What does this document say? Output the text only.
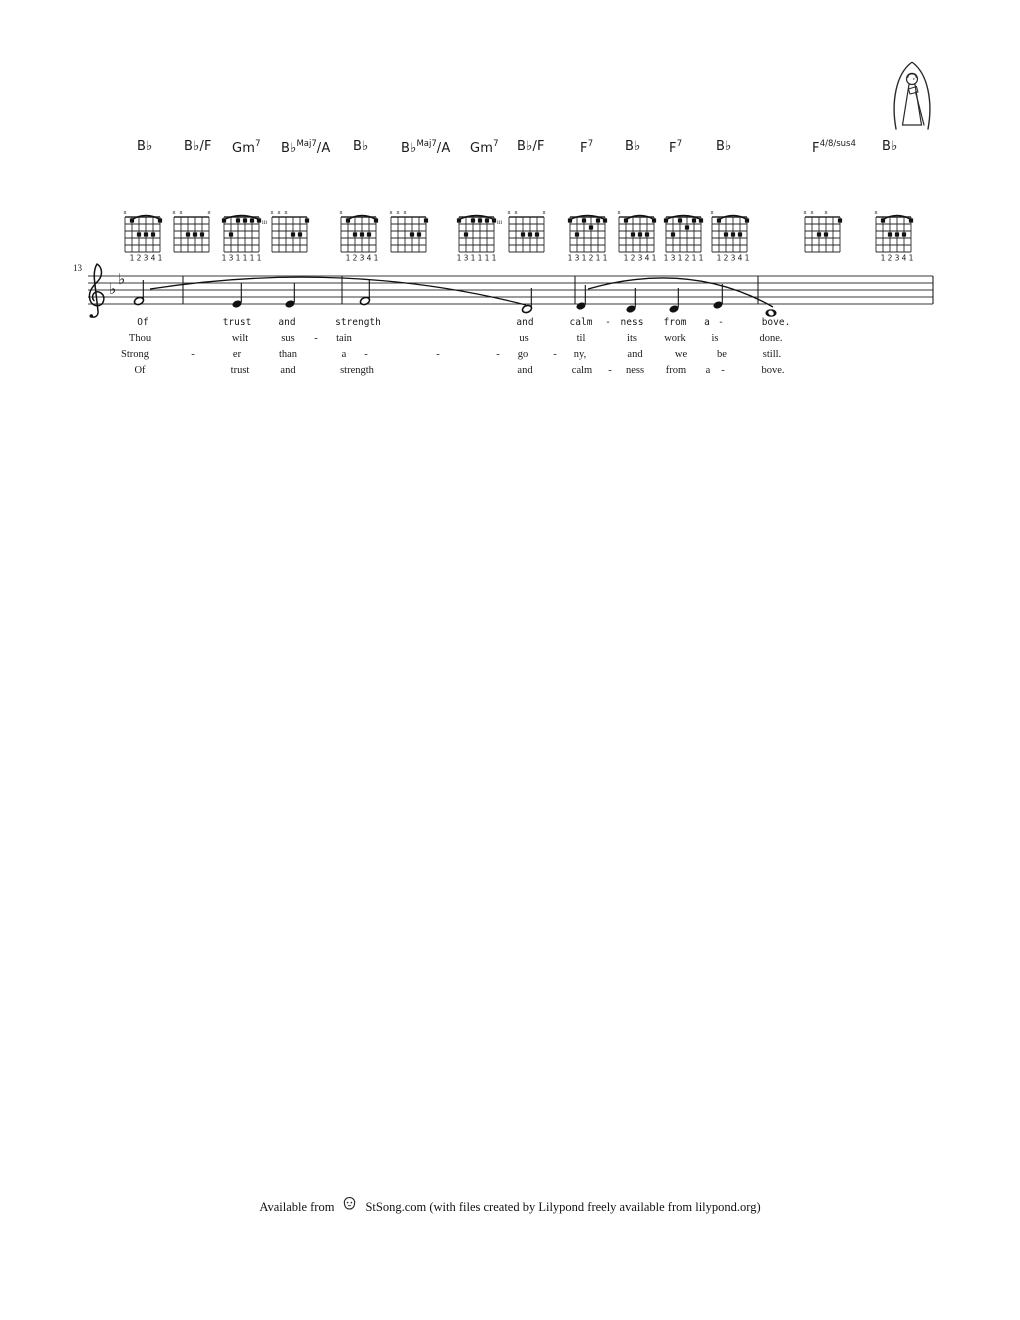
B♭ B♭/F Gm$^7$ B♭$^{Maj7}$/A B♭	B♭$^{Maj7}$/A Gm$^7$ B♭/F	$F^7$ B♭ $F^7$	B♭	$F^{4/8/sus4}$ B♭
x
1 2 3 4 1
x x	x
iii
1 3 1 1 1 1
x x x	x
1 2 3 4 1
x x x
iii
1 3 1 1 1 1
x x	x
1 3 1 2 1 1
x
1 2 3 4 1 1 3 1 2 1 1
x
1 2 3 4 1
x x x	x
1 2 3 4 1
13
♭
♭
Of	trust	and	strength	and	calm - ness from a -	bove.
Thou	wilt	sus - tain	us	til	its	work is	done.
Strong	-	er	than	a -	-	- go - ny,	and	we	be	still.
Of	trust	and	strength	and	calm - ness from a -	bove.
Available from StSong.com (with files created by Lilypond freely available from lilypond.org)
